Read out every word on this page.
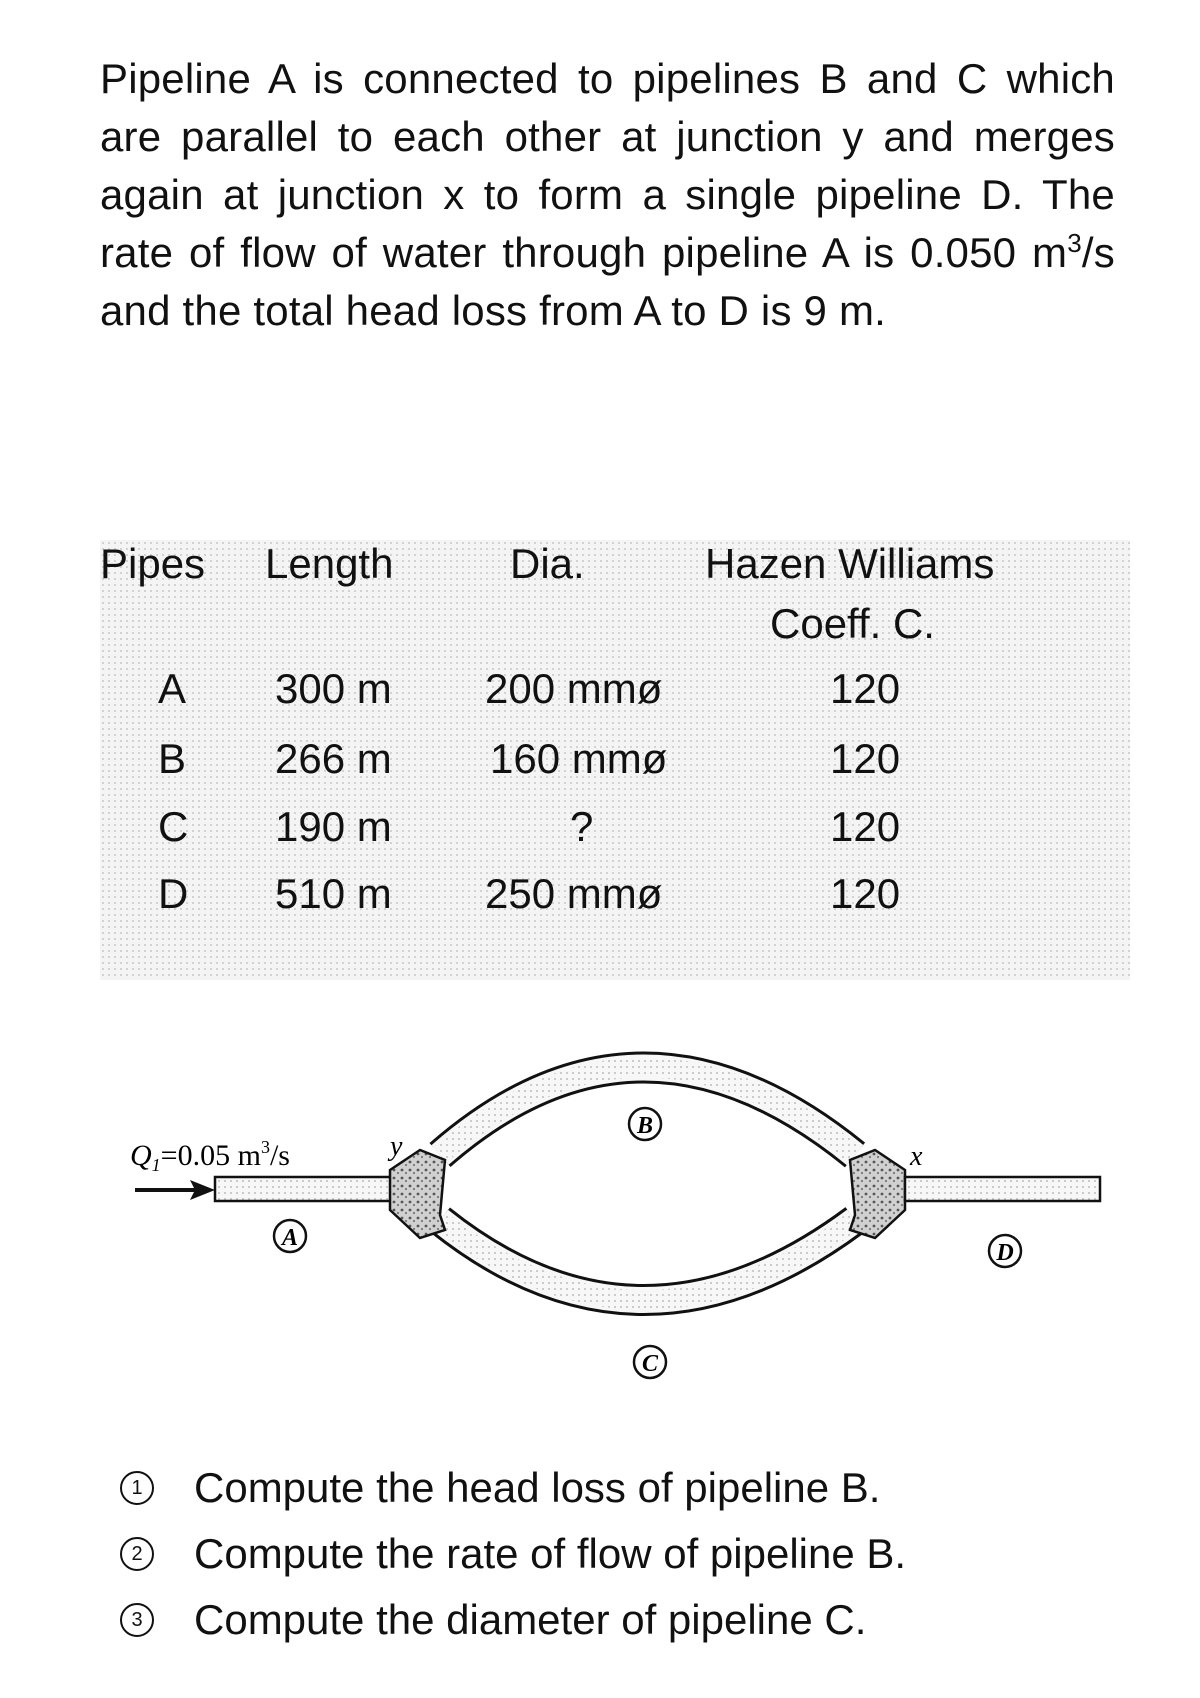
Pipeline A is connected to pipelines B and C which are parallel to each other at junction y and merges again at junction x to form a single pipeline D. The rate of flow of water through pipeline A is 0.050 $m^3/s$ and the total head loss from A to D is 9 m.
Pipes Length	Dia.	Hazen Williams
Coeff. C.
A 300 m 200 mmø	120
B 266 m 160 mmø	120
C 190 m	?	120
D 510 m 250 mmø	120
$Q_1=0.05$ $m^3/s$	y	x
A
B
C
D
1 Compute the head loss of pipeline B.
2 Compute the rate of flow of pipeline B.
3 Compute the diameter of pipeline C.
